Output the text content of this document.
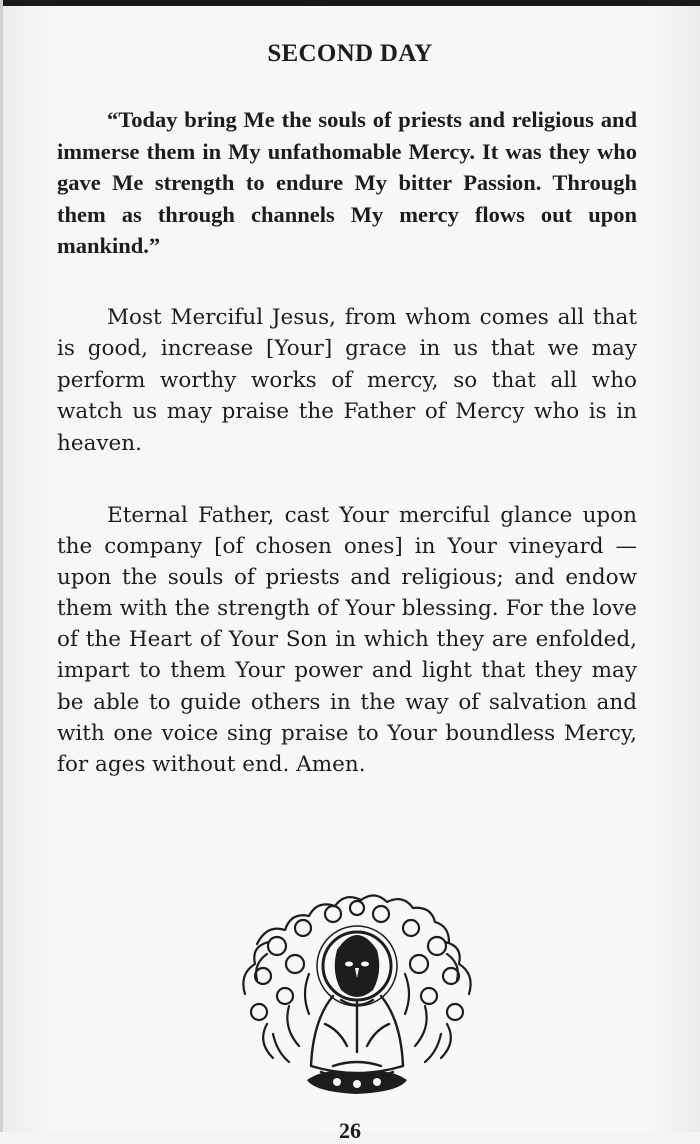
SECOND DAY

“Today bring Me the souls of priests and religious and immerse them in My unfathomable Mercy. It was they who gave Me strength to endure My bitter Passion. Through them as through channels My mercy flows out upon mankind.”

Most Merciful Jesus, from whom comes all that is good, increase [Your] grace in us that we may perform worthy works of mercy, so that all who watch us may praise the Father of Mercy who is in heaven.

Eternal Father, cast Your merciful glance upon the company [of chosen ones] in Your vineyard — upon the souls of priests and religious; and endow them with the strength of Your blessing. For the love of the Heart of Your Son in which they are enfolded, impart to them Your power and light that they may be able to guide others in the way of salvation and with one voice sing praise to Your boundless Mercy, for ages without end. Amen.

26
